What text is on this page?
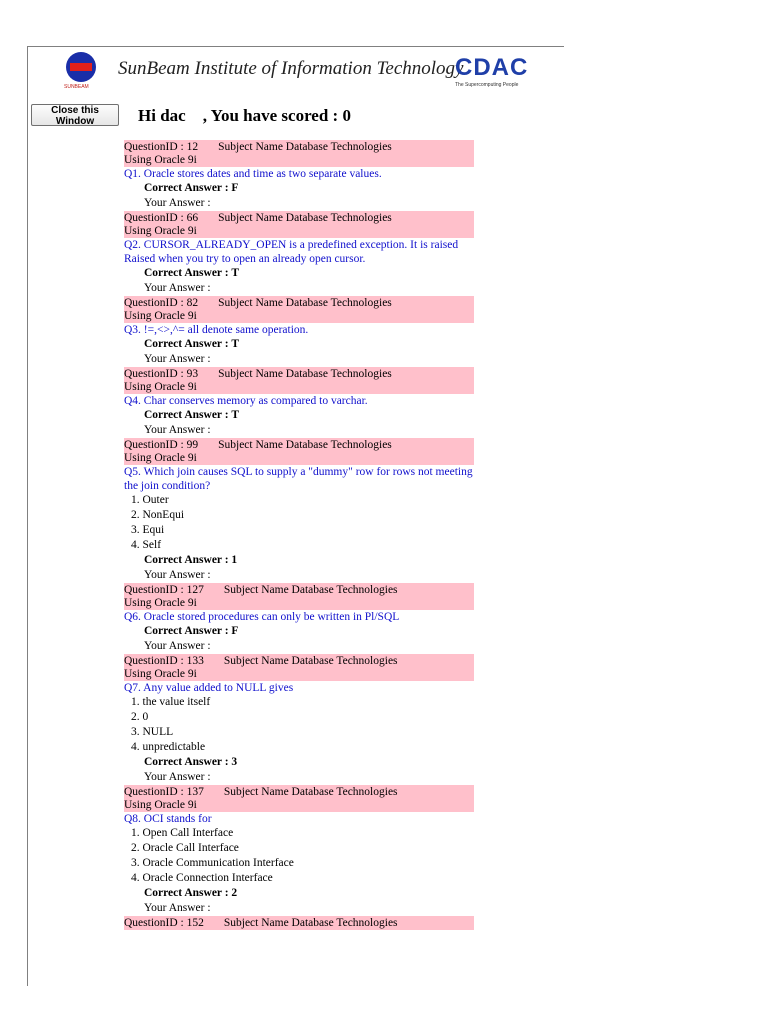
SUNBEAM
SunBeam Institute of Information Technology
CDAC
The Supercomputing People
Close this Window	Hi dac    , You have scored : 0
QuestionID : 12 Subject Name Database Technologies
Using Oracle 9i
Q1. Oracle stores dates and time as two separate values.
Correct Answer : F
Your Answer :
QuestionID : 66 Subject Name Database Technologies
Using Oracle 9i
Q2. CURSOR_ALREADY_OPEN is a predefined exception. It is raised Raised when you try to open an already open cursor.
Correct Answer : T
Your Answer :
QuestionID : 82 Subject Name Database Technologies
Using Oracle 9i
Q3. !=,<>,^= all denote same operation.
Correct Answer : T
Your Answer :
QuestionID : 93 Subject Name Database Technologies
Using Oracle 9i
Q4. Char conserves memory as compared to varchar.
Correct Answer : T
Your Answer :
QuestionID : 99 Subject Name Database Technologies
Using Oracle 9i
Q5. Which join causes SQL to supply a "dummy" row for rows not meeting the join condition?
1. Outer
2. NonEqui
3. Equi
4. Self
Correct Answer : 1
Your Answer :
QuestionID : 127 Subject Name Database Technologies
Using Oracle 9i
Q6. Oracle stored procedures can only be written in Pl/SQL
Correct Answer : F
Your Answer :
QuestionID : 133 Subject Name Database Technologies
Using Oracle 9i
Q7. Any value added to NULL gives
1. the value itself
2. 0
3. NULL
4. unpredictable
Correct Answer : 3
Your Answer :
QuestionID : 137 Subject Name Database Technologies
Using Oracle 9i
Q8. OCI stands for
1. Open Call Interface
2. Oracle Call Interface
3. Oracle Communication Interface
4. Oracle Connection Interface
Correct Answer : 2
Your Answer :
QuestionID : 152 Subject Name Database Technologies
